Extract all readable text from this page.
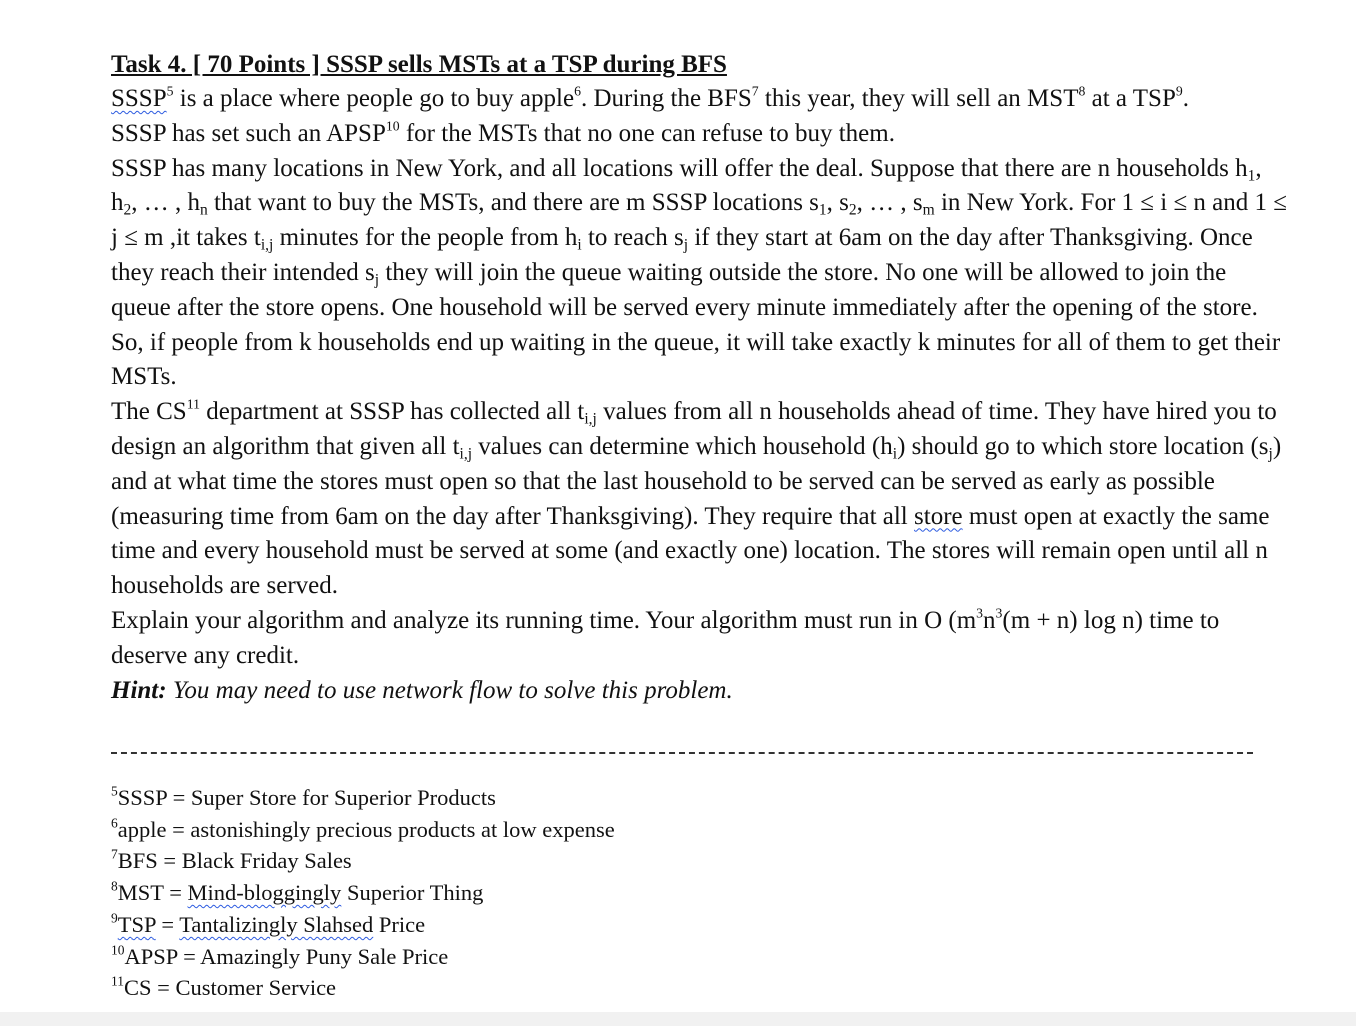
Task 4. [ 70 Points ] SSSP sells MSTs at a TSP during BFS

SSSP$^5$ is a place where people go to buy apple$^6$. During the BFS$^7$ this year, they will sell an MST$^8$ at a TSP$^9$.
SSSP has set such an APSP$^{10}$ for the MSTs that no one can refuse to buy them.

SSSP has many locations in New York, and all locations will offer the deal. Suppose that there are n households $h_1$, $h_2$, … , $h_n$ that want to buy the MSTs, and there are m SSSP locations $s_1$, $s_2$, … , $s_m$ in New York. For 1 ≤ i ≤ n and 1 ≤ j ≤ m ,it takes $t_{i,j}$ minutes for the people from $h_i$ to reach $s_j$ if they start at 6am on the day after Thanksgiving. Once they reach their intended $s_j$ they will join the queue waiting outside the store. No one will be allowed to join the queue after the store opens. One household will be served every minute immediately after the opening of the store. So, if people from k households end up waiting in the queue, it will take exactly k minutes for all of them to get their MSTs.

The CS$^{11}$ department at SSSP has collected all $t_{i,j}$ values from all n households ahead of time. They have hired you to design an algorithm that given all $t_{i,j}$ values can determine which household $(h_i)$ should go to which store location $(s_j)$ and at what time the stores must open so that the last household to be served can be served as early as possible (measuring time from 6am on the day after Thanksgiving). They require that all store must open at exactly the same time and every household must be served at some (and exactly one) location. The stores will remain open until all n households are served.

Explain your algorithm and analyze its running time. Your algorithm must run in O ($m^3n^3(m + n)$ log n) time to deserve any credit.

Hint: You may need to use network flow to solve this problem.

$^5$SSSP = Super Store for Superior Products
$^6$apple = astonishingly precious products at low expense
$^7$BFS = Black Friday Sales
$^8$MST = Mind-bloggingly Superior Thing
$^9$TSP = Tantalizingly Slahsed Price
$^{10}$APSP = Amazingly Puny Sale Price
$^{11}$CS = Customer Service
